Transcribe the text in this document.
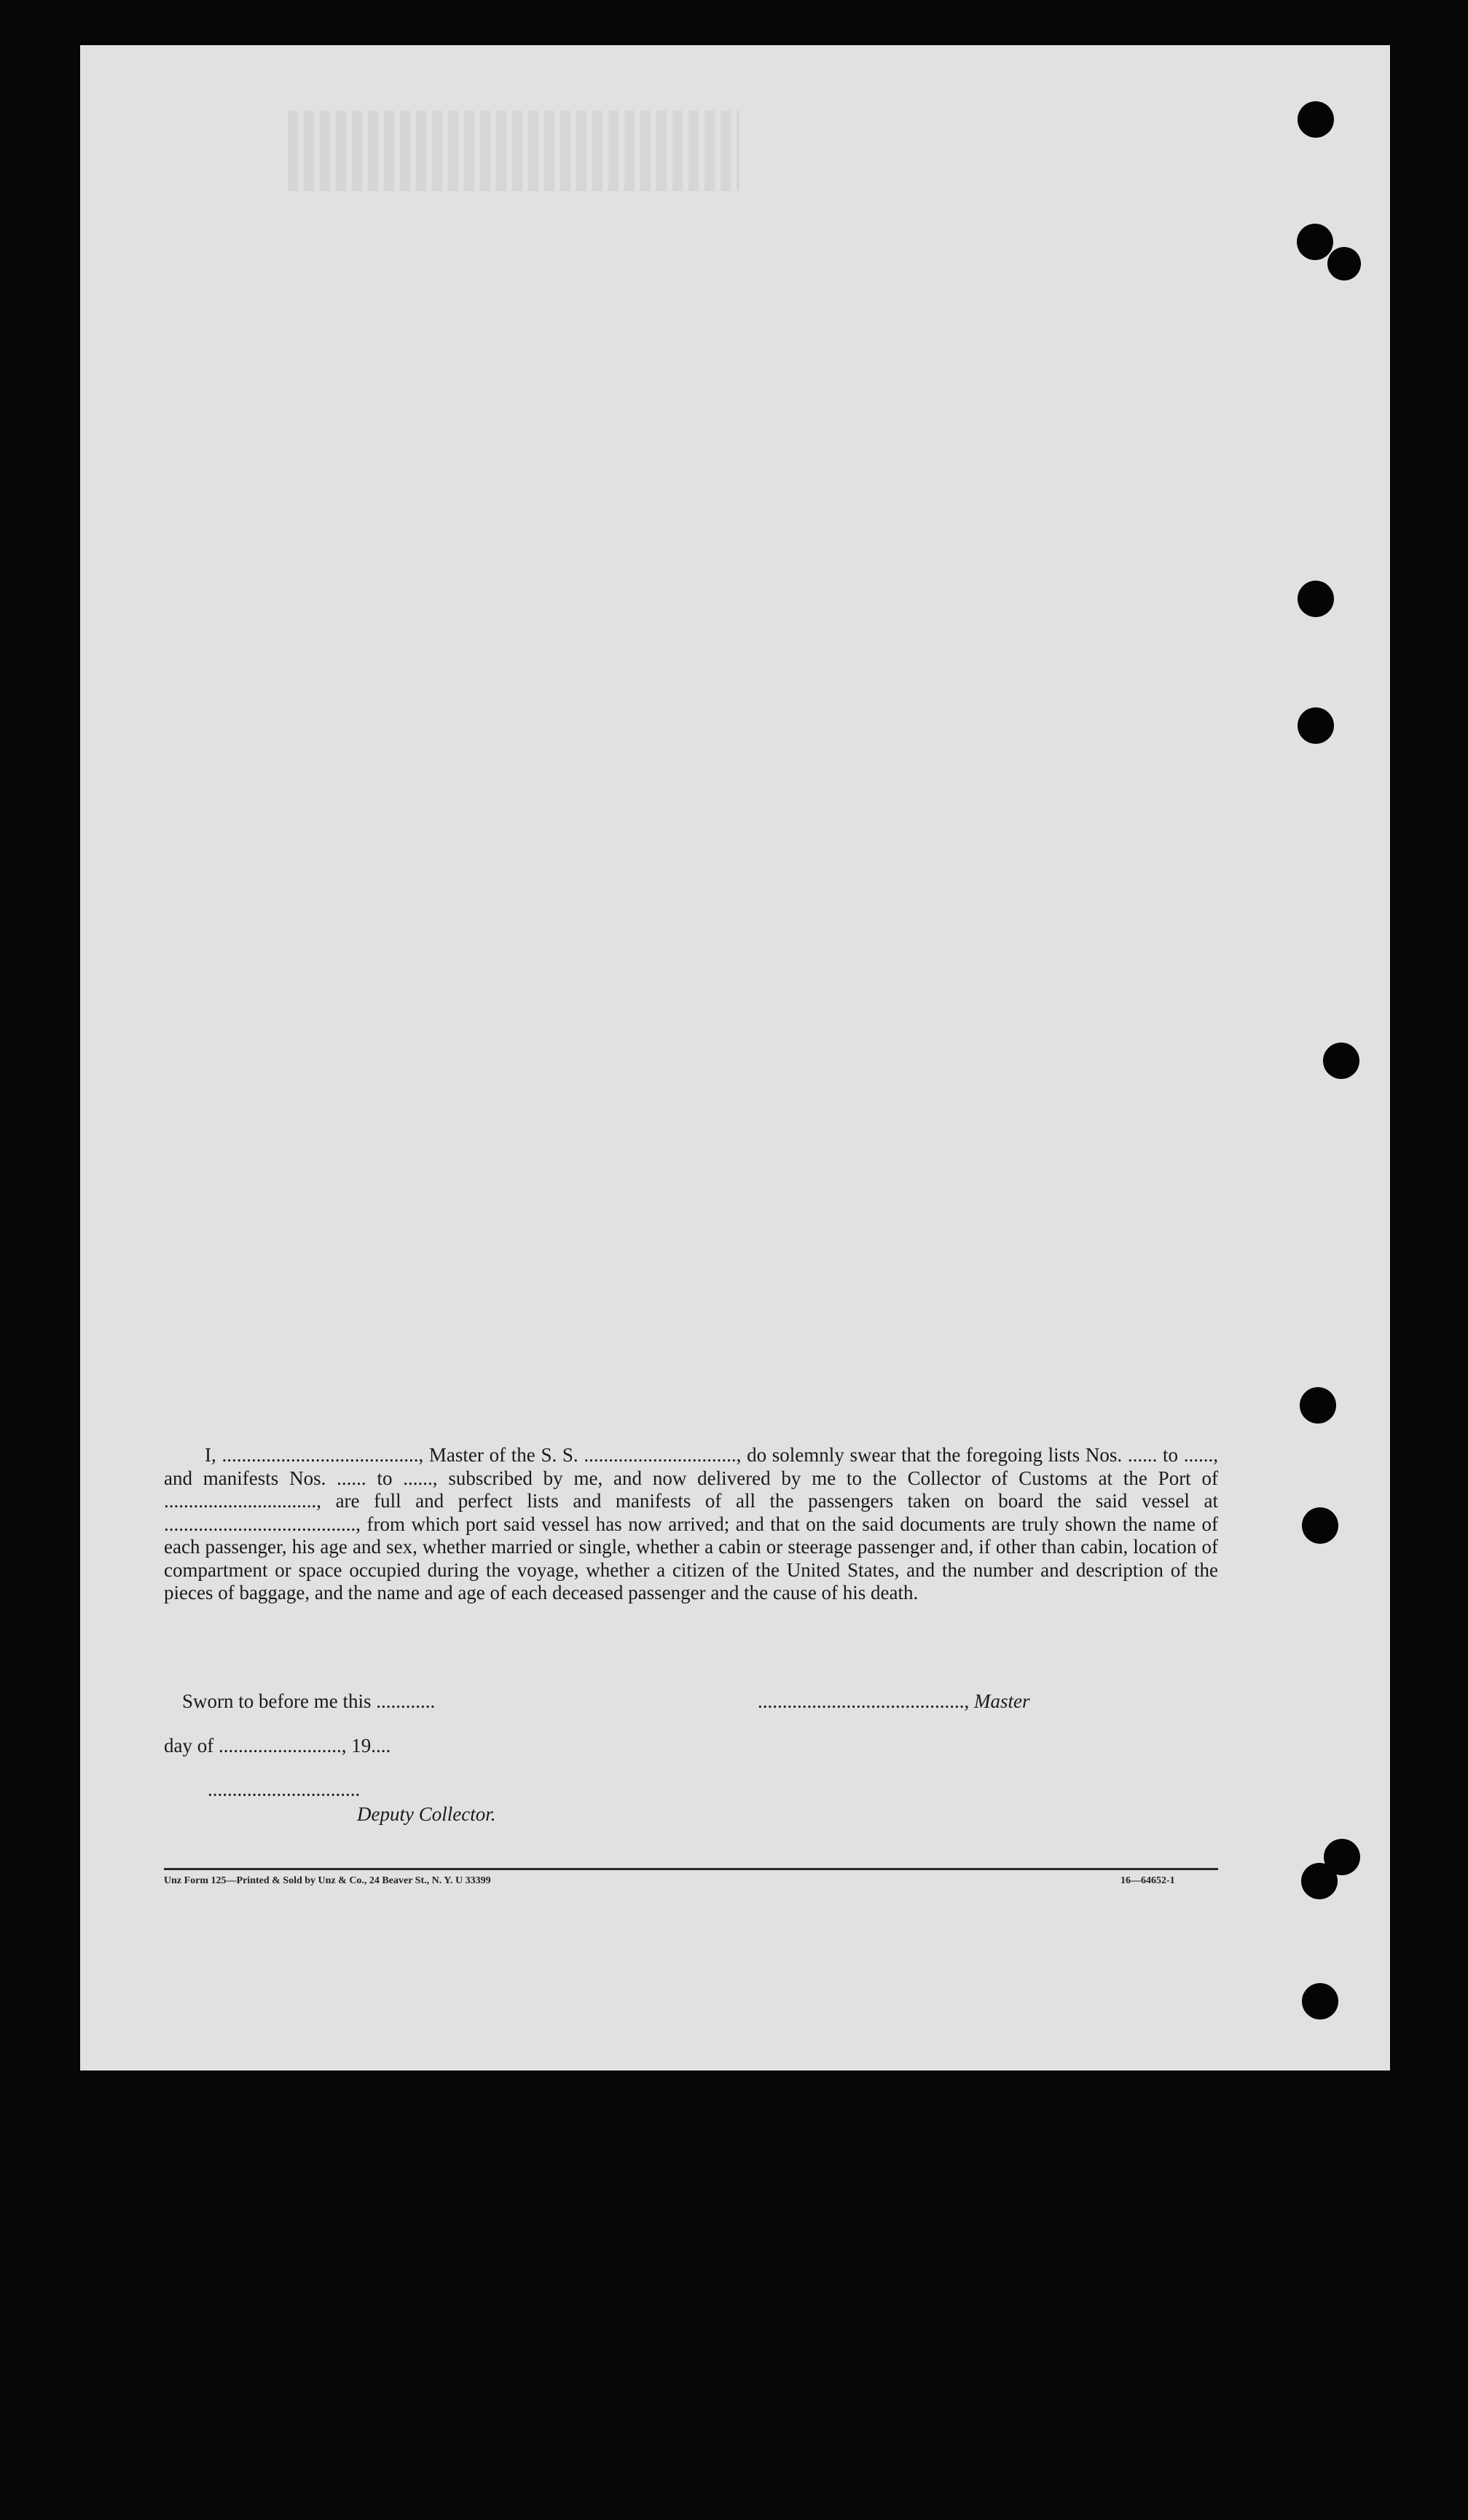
I, ........................................, Master of the S. S. ..............................., do solemnly swear that the foregoing lists Nos. ...... to ......, and manifests Nos. ...... to ......, subscribed by me, and now delivered by me to the Collector of Customs at the Port of ..............................., are full and perfect lists and manifests of all the passengers taken on board the said vessel at ......................................., from which port said vessel has now arrived; and that on the said documents are truly shown the name of each passenger, his age and sex, whether married or single, whether a cabin or steerage passenger and, if other than cabin, location of compartment or space occupied during the voyage, whether a citizen of the United States, and the number and description of the pieces of baggage, and the name and age of each deceased passenger and the cause of his death.

Sworn to before me this ............	.........................................., Master
day of ........................., 19....
...............................
Deputy Collector.
Unz Form 125—Printed & Sold by Unz & Co., 24 Beaver St., N. Y. U 33399	16—64652-1
